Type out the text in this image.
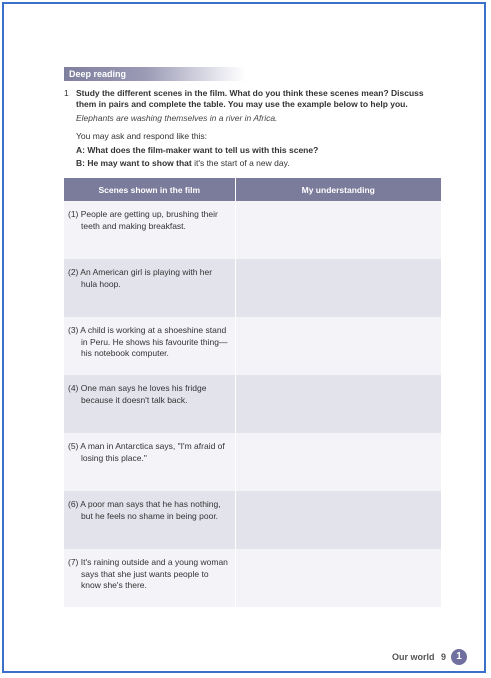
Deep reading
1 Study the different scenes in the film. What do you think these scenes mean? Discuss them in pairs and complete the table. You may use the example below to help you.
Elephants are washing themselves in a river in Africa.
You may ask and respond like this:
A: What does the film-maker want to tell us with this scene?
B: He may want to show that it's the start of a new day.
Scenes shown in the film	My understanding

(1) People are getting up, brushing their teeth and making breakfast.	

(2) An American girl is playing with her hula hoop.	

(3) A child is working at a shoeshine stand in Peru. He shows his favourite thing—his notebook computer.	

(4) One man says he loves his fridge because it doesn't talk back.	

(5) A man in Antarctica says, "I'm afraid of losing this place."	

(6) A poor man says that he has nothing, but he feels no shame in being poor.	

(7) It's raining outside and a young woman says that she just wants people to know she's there.	

Our world 9	1
